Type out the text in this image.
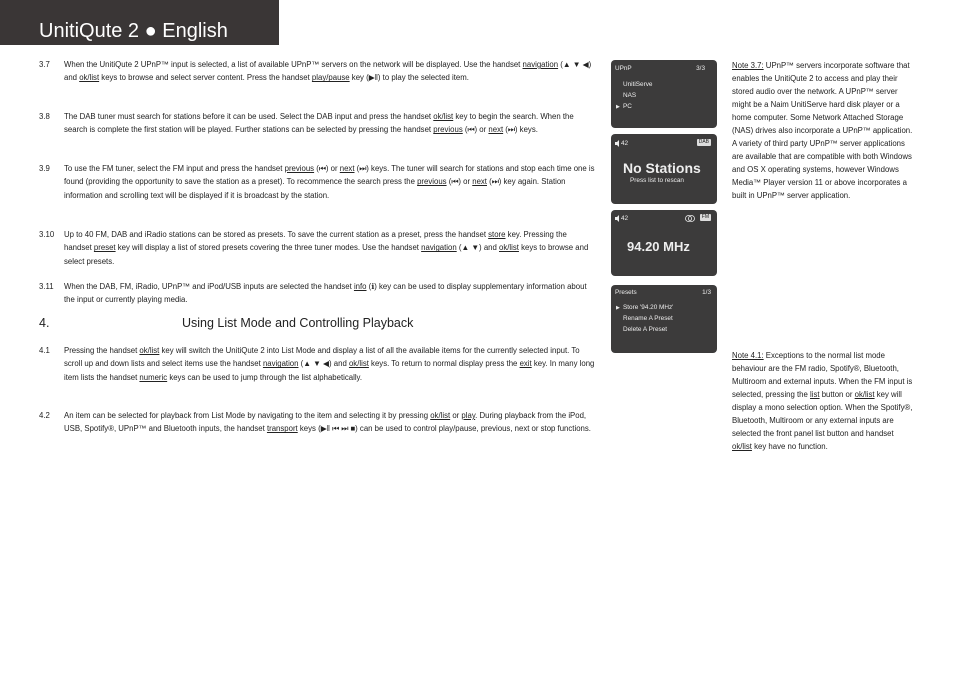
UnitiQute 2 ● English
3.7 When the UnitiQute 2 UPnP™ input is selected, a list of available UPnP™ servers on the network will be displayed. Use the handset navigation (▲ ▼ ◀) and ok/list keys to browse and select server content. Press the handset play/pause key (▶‖) to play the selected item.
3.8 The DAB tuner must search for stations before it can be used. Select the DAB input and press the handset ok/list key to begin the search. When the search is complete the first station will be played. Further stations can be selected by pressing the handset previous (⏮) or next (⏭) keys.
3.9 To use the FM tuner, select the FM input and press the handset previous (⏮) or next (⏭) keys. The tuner will search for stations and stop each time one is found (providing the opportunity to save the station as a preset). To recommence the search press the previous (⏮) or next (⏭) key again. Station information and scrolling text will be displayed if it is broadcast by the station.
3.10 Up to 40 FM, DAB and iRadio stations can be stored as presets. To save the current station as a preset, press the handset store key. Pressing the handset preset key will display a list of stored presets covering the three tuner modes. Use the handset navigation (▲ ▼) and ok/list keys to browse and select presets.
3.11 When the DAB, FM, iRadio, UPnP™ and iPod/USB inputs are selected the handset info (ℹ) key can be used to display supplementary information about the input or currently playing media.
4.	Using List Mode and Controlling Playback
4.1 Pressing the handset ok/list key will switch the UnitiQute 2 into List Mode and display a list of all the available items for the currently selected input. To scroll up and down lists and select items use the handset navigation (▲ ▼ ◀) and ok/list keys. To return to normal display press the exit key. In many long item lists the handset numeric keys can be used to jump through the list alphabetically.
4.2 An item can be selected for playback from List Mode by navigating to the item and selecting it by pressing ok/list or play. During playback from the iPod, USB, Spotify®, UPnP™ and Bluetooth inputs, the handset transport keys (▶‖ ⏮ ⏭ ■) can be used to control play/pause, previous, next or stop functions.
UPnP	3/3
UnitiServe
NAS
▶ PC
42	DAB
No Stations
Press list to rescan
42	FM
94.20 MHz
Presets	1/3
▶ Store '94.20 MHz'
Rename A Preset
Delete A Preset
Note 3.7: UPnP™ servers incorporate software that enables the UnitiQute 2 to access and play their stored audio over the network. A UPnP™ server might be a Naim UnitiServe hard disk player or a home computer. Some Network Attached Storage (NAS) drives also incorporate a UPnP™ application. A variety of third party UPnP™ server applications are available that are compatible with both Windows and OS X operating systems, however Windows Media™ Player version 11 or above incorporates a built in UPnP™ server application.
Note 4.1: Exceptions to the normal list mode behaviour are the FM radio, Spotify®, Bluetooth, Multiroom and external inputs. When the FM input is selected, pressing the list button or ok/list key will display a mono selection option. When the Spotify®, Bluetooth, Multiroom or any external inputs are selected the front panel list button and handset ok/list key have no function.
